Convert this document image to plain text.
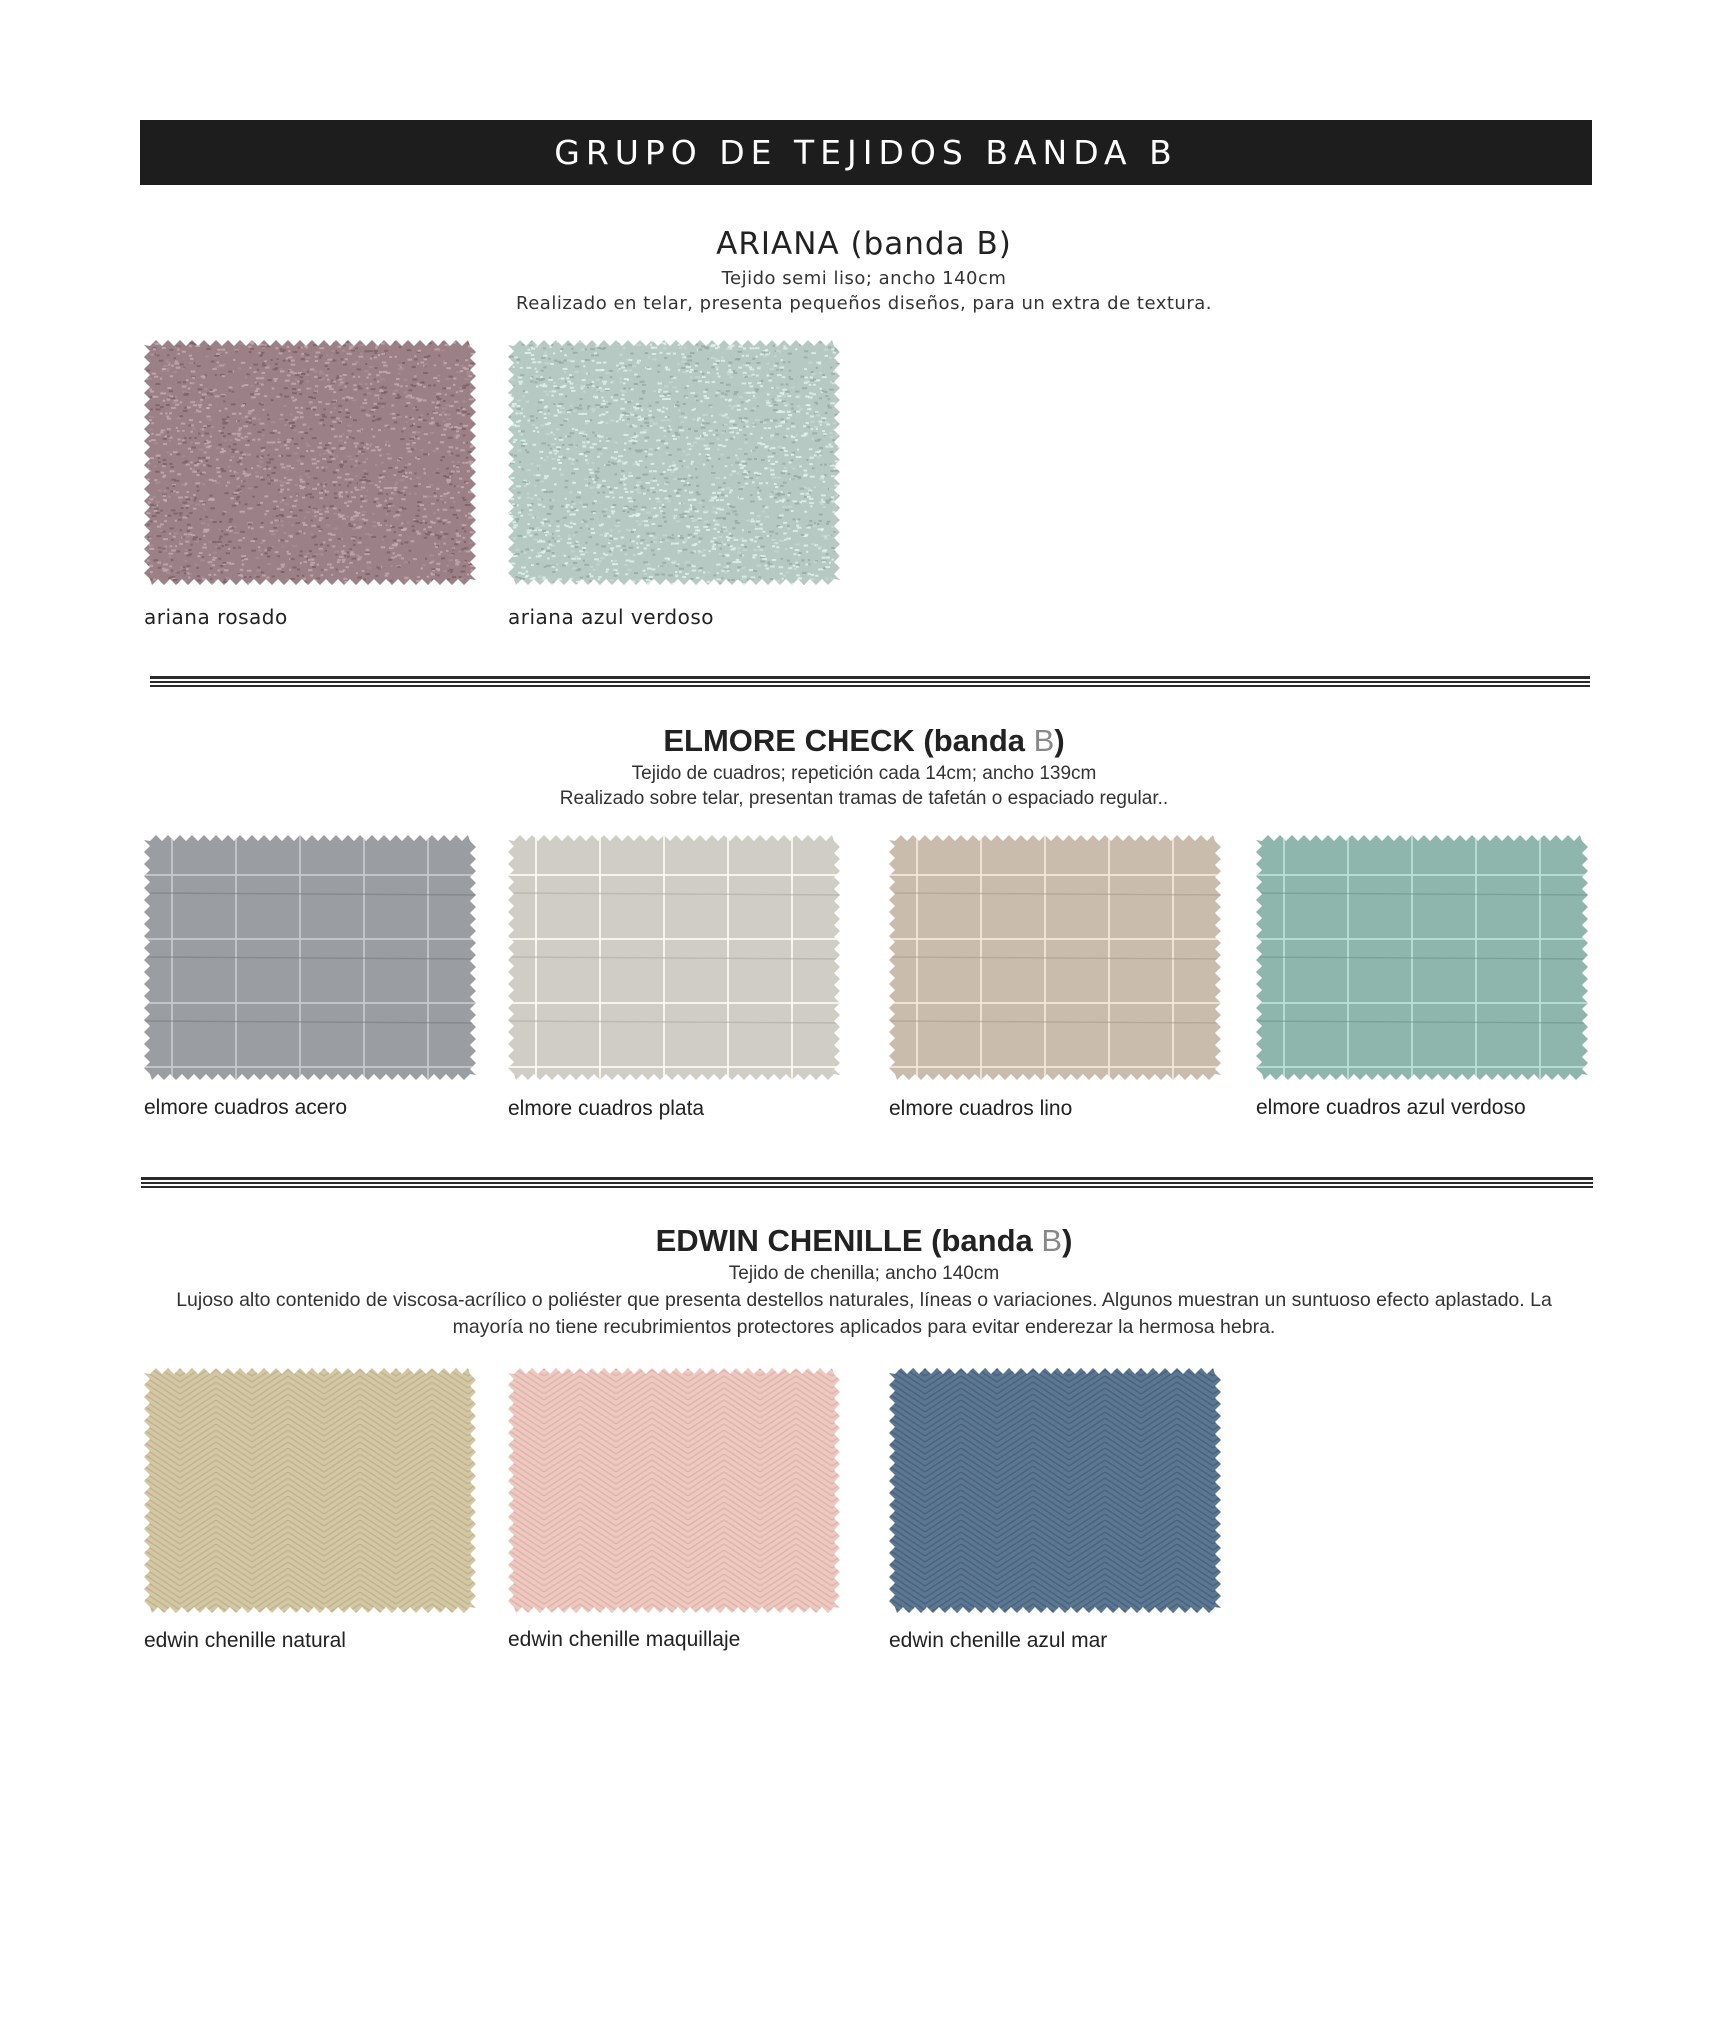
GRUPO DE TEJIDOS BANDA B
ARIANA (banda B)

Tejido semi liso; ancho 140cm

Realizado en telar, presenta pequeños diseños, para un extra de textura.

ariana rosado	ariana azul verdoso
ELMORE CHECK (banda B)

Tejido de cuadros; repetición cada 14cm; ancho 139cm

Realizado sobre telar, presentan tramas de tafetán o espaciado regular..

elmore cuadros acero	elmore cuadros plata	elmore cuadros lino	elmore cuadros azul verdoso
EDWIN CHENILLE (banda B)

Tejido de chenilla; ancho 140cm

Lujoso alto contenido de viscosa-acrílico o poliéster que presenta destellos naturales, líneas o variaciones. Algunos muestran un suntuoso efecto aplastado. La mayoría no tiene recubrimientos protectores aplicados para evitar enderezar la hermosa hebra.
edwin chenille natural	edwin chenille maquillaje	edwin chenille azul mar
